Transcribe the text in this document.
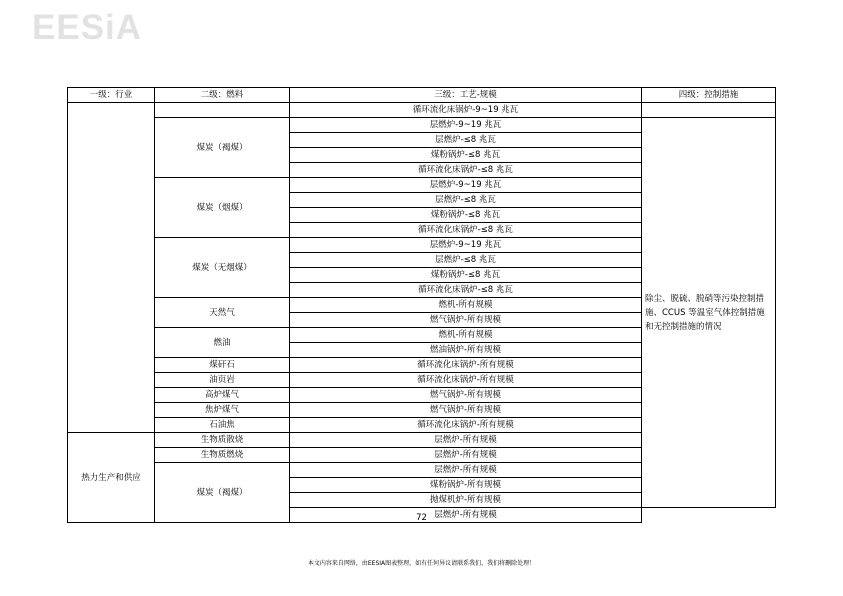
EESiA
一级：行业	二级：燃料	三级：工艺-规模	四级：控制措施
		循环流化床锅炉-9~19 兆瓦	
	煤炭（褐煤）	层燃炉-9~19 兆瓦	除尘、脱硫、脱硝等污染控制措施、CCUS 等温室气体控制措施和无控制措施的情况
		层燃炉-≤8 兆瓦	
		煤粉锅炉-≤8 兆瓦	
		循环流化床锅炉-≤8 兆瓦	
	煤炭（烟煤）	层燃炉-9~19 兆瓦	
		层燃炉-≤8 兆瓦	
		煤粉锅炉-≤8 兆瓦	
		循环流化床锅炉-≤8 兆瓦	
	煤炭（无烟煤）	层燃炉-9~19 兆瓦	
		层燃炉-≤8 兆瓦	
		煤粉锅炉-≤8 兆瓦	
		循环流化床锅炉-≤8 兆瓦	
	天然气	燃机-所有规模	
		燃气锅炉-所有规模	
	燃油	燃机-所有规模	
		燃油锅炉-所有规模	
	煤矸石	循环流化床锅炉-所有规模	
	油页岩	循环流化床锅炉-所有规模	
	高炉煤气	燃气锅炉-所有规模	
	焦炉煤气	燃气锅炉-所有规模	
	石油焦	循环流化床锅炉-所有规模	
热力生产和供应	生物质散烧	层燃炉-所有规模	
	生物质燃烧	层燃炉-所有规模	
	煤炭（褐煤）	层燃炉-所有规模	
		煤粉锅炉-所有规模	
		抛煤机炉-所有规模	
		层燃炉-所有规模	
72
本文内容来自网络，由EESIA图表整理，如有任何异议请联系我们，我们将删除处理！
